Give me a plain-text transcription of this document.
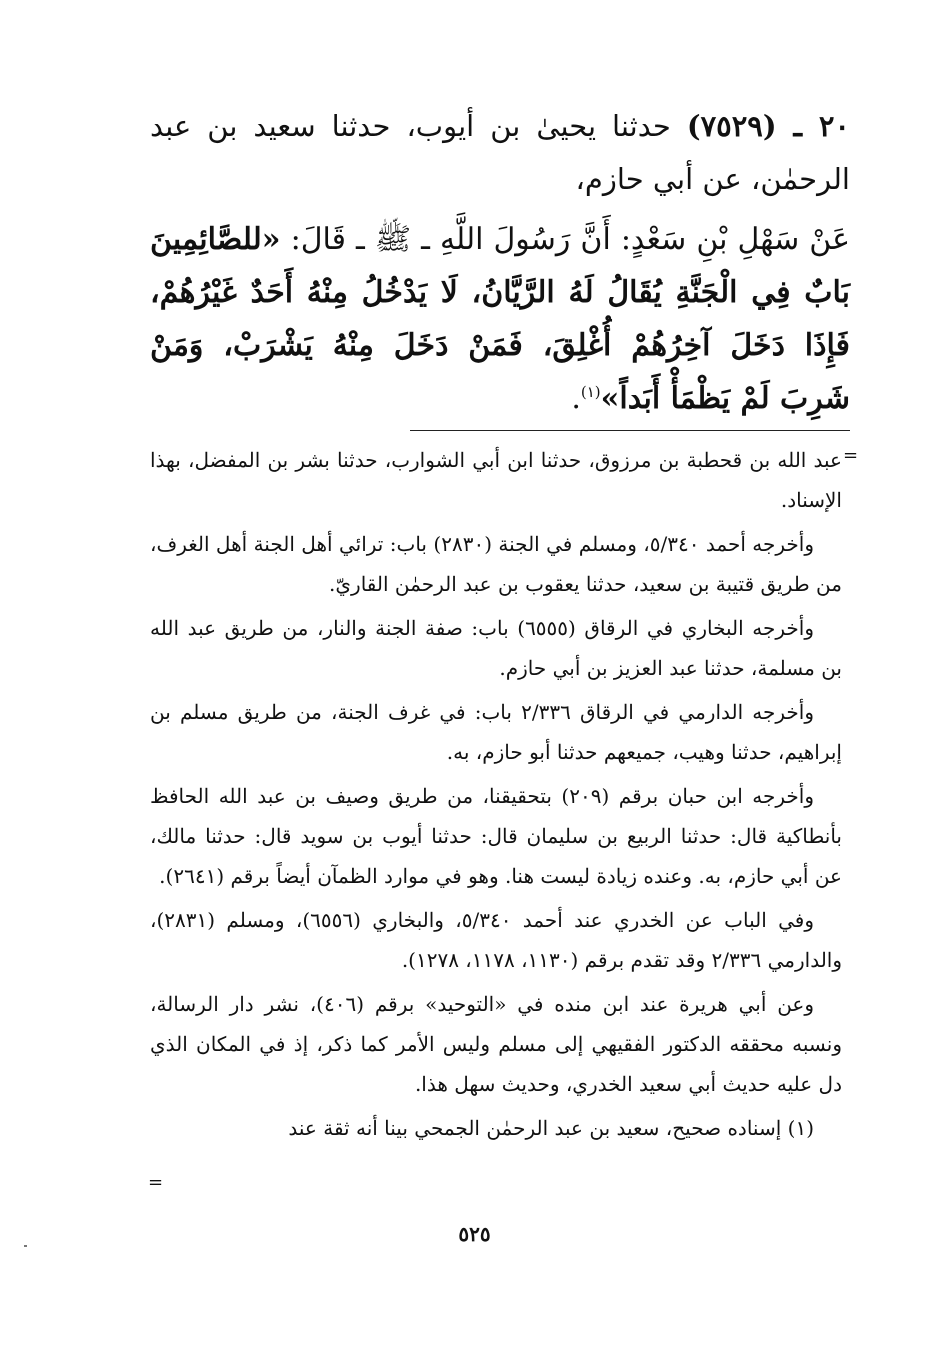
٢٠ ـ (٧٥٢٩) حدثنا يحيىٰ بن أيوب، حدثنا سعيد بن عبد الرحمٰن، عن أبي حازم،
عَنْ سَهْلِ بْنِ سَعْدٍ: أَنَّ رَسُولَ اللَّهِ ـ ﷺ ـ قَالَ: «للصَّائِمِينَ بَابٌ فِي الْجَنَّةِ يُقَالُ لَهُ الرَّيَّانُ، لَا يَدْخُلُ مِنْهُ أَحَدٌ غَيْرُهُمْ، فَإِذَا دَخَلَ آخِرُهُمْ أُغْلِقَ، فَمَنْ دَخَلَ مِنْهُ يَشْرَبْ، وَمَنْ شَرِبَ لَمْ يَظْمَأْ أَبَداً»$^{(١)}$.
=

عبد الله بن قحطبة بن مرزوق، حدثنا ابن أبي الشوارب، حدثنا بشر بن المفضل، بهذا الإسناد.

وأخرجه أحمد ٥/٣٤٠، ومسلم في الجنة (٢٨٣٠) باب: ترائي أهل الجنة أهل الغرف، من طريق قتيبة بن سعيد، حدثنا يعقوب بن عبد الرحمٰن القاريّ.

وأخرجه البخاري في الرقاق (٦٥٥٥) باب: صفة الجنة والنار، من طريق عبد الله بن مسلمة، حدثنا عبد العزيز بن أبي حازم.

وأخرجه الدارمي في الرقاق ٢/٣٣٦ باب: في غرف الجنة، من طريق مسلم بن إبراهيم، حدثنا وهيب، جميعهم حدثنا أبو حازم، به.

وأخرجه ابن حبان برقم (٢٠٩) بتحقيقنا، من طريق وصيف بن عبد الله الحافظ بأنطاكية قال: حدثنا الربيع بن سليمان قال: حدثنا أيوب بن سويد قال: حدثنا مالك، عن أبي حازم، به. وعنده زيادة ليست هنا. وهو في موارد الظمآن أيضاً برقم (٢٦٤١).

وفي الباب عن الخدري عند أحمد ٥/٣٤٠، والبخاري (٦٥٥٦)، ومسلم (٢٨٣١)، والدارمي ٢/٣٣٦ وقد تقدم برقم (١١٣٠، ١١٧٨، ١٢٧٨).

وعن أبي هريرة عند ابن منده في «التوحيد» برقم (٤٠٦)، نشر دار الرسالة، ونسبه محققه الدكتور الفقيهي إلى مسلم وليس الأمر كما ذكر، إذ في المكان الذي دل عليه حديث أبي سعيد الخدري، وحديث سهل هذا.

(١) إسناده صحيح، سعيد بن عبد الرحمٰن الجمحي بينا أنه ثقة عند

=
٥٢٥
